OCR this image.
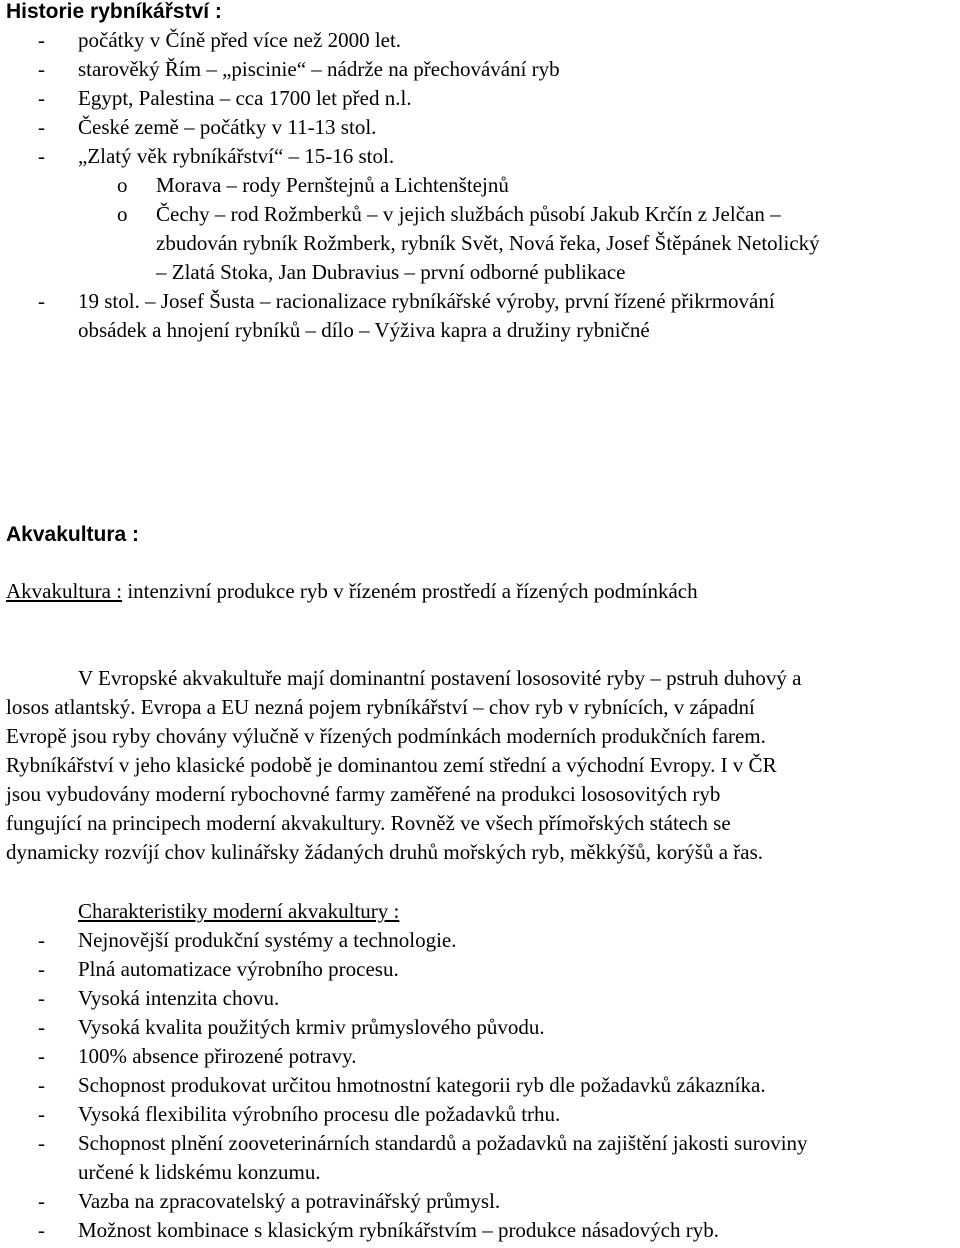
Historie rybníkářství :
- počátky v Číně před více než 2000 let.
- starověký Řím – „piscinie“ – nádrže na přechovávání ryb
- Egypt, Palestina – cca 1700 let před n.l.
- České země – počátky v 11-13 stol.
- „Zlatý věk rybníkářství“ – 15-16 stol.
o Morava – rody Pernštejnů a Lichtenštejnů
o Čechy – rod Rožmberků – v jejich službách působí Jakub Krčín z Jelčan –
zbudován rybník Rožmberk, rybník Svět, Nová řeka, Josef Štěpánek Netolický
– Zlatá Stoka, Jan Dubravius – první odborné publikace
- 19 stol. – Josef Šusta – racionalizace rybníkářské výroby, první řízené přikrmování
obsádek a hnojení rybníků – dílo – Výživa kapra a družiny rybničné
Akvakultura :
Akvakultura : intenzivní produkce ryb v řízeném prostředí a řízených podmínkách
V Evropské akvakultuře mají dominantní postavení lososovité ryby – pstruh duhový a
losos atlantský. Evropa a EU nezná pojem rybníkářství – chov ryb v rybnících, v západní
Evropě jsou ryby chovány výlučně v řízených podmínkách moderních produkčních farem.
Rybníkářství v jeho klasické podobě je dominantou zemí střední a východní Evropy. I v ČR
jsou vybudovány moderní rybochovné farmy zaměřené na produkci lososovitých ryb
fungující na principech moderní akvakultury. Rovněž ve všech přímořských státech se
dynamicky rozvíjí chov kulinářsky žádaných druhů mořských ryb, měkkýšů, korýšů a řas.
Charakteristiky moderní akvakultury :
- Nejnovější produkční systémy a technologie.
- Plná automatizace výrobního procesu.
- Vysoká intenzita chovu.
- Vysoká kvalita použitých krmiv průmyslového původu.
- 100% absence přirozené potravy.
- Schopnost produkovat určitou hmotnostní kategorii ryb dle požadavků zákazníka.
- Vysoká flexibilita výrobního procesu dle požadavků trhu.
- Schopnost plnění zooveterinárních standardů a požadavků na zajištění jakosti suroviny
určené k lidskému konzumu.
- Vazba na zpracovatelský a potravinářský průmysl.
- Možnost kombinace s klasickým rybníkářstvím – produkce násadových ryb.
